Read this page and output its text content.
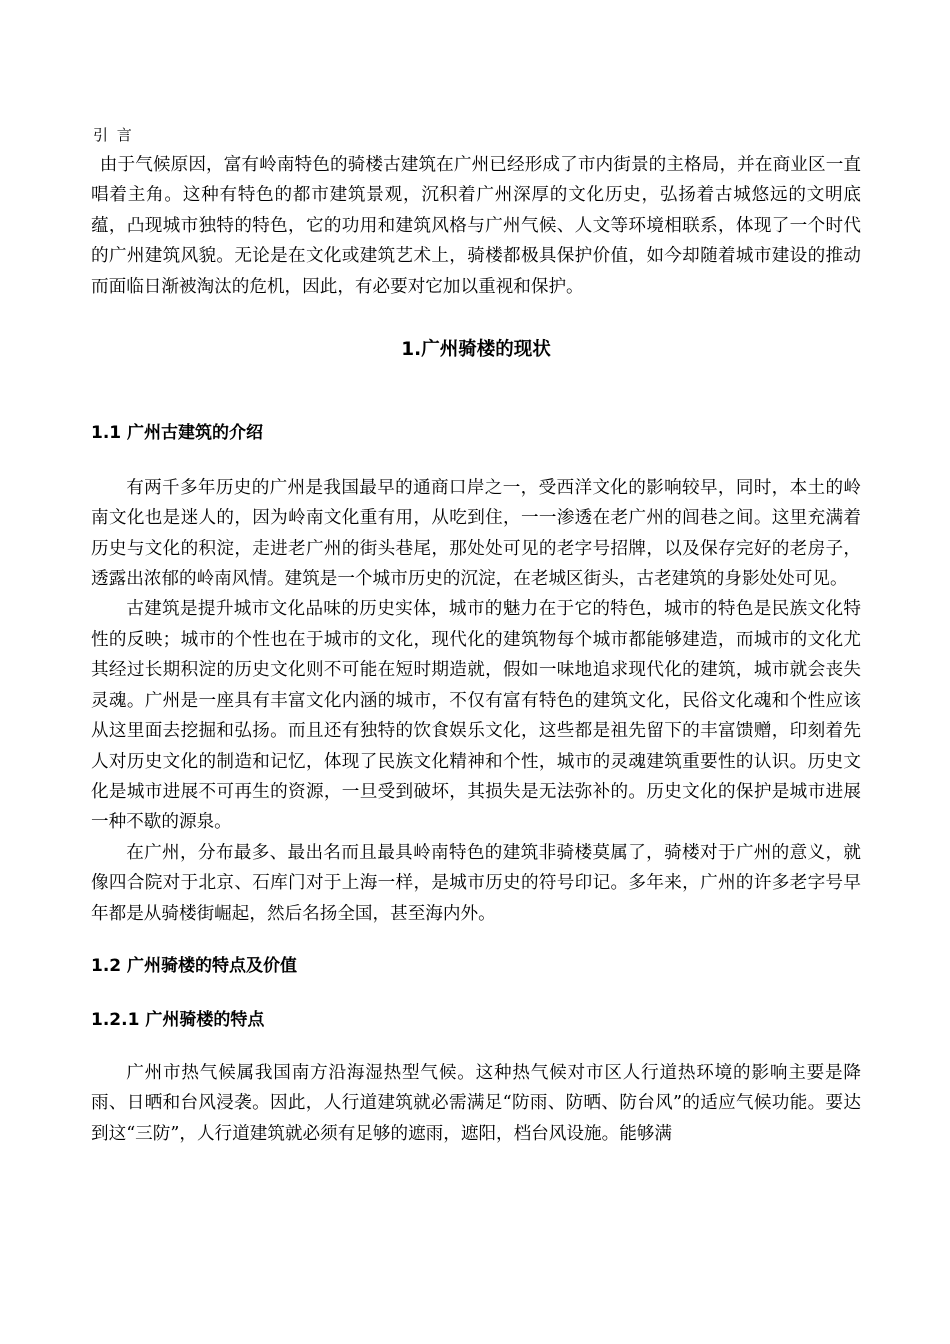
引 言

由于气候原因，富有岭南特色的骑楼古建筑在广州已经形成了市内街景的主格局，并在商业区一直唱着主角。这种有特色的都市建筑景观，沉积着广州深厚的文化历史，弘扬着古城悠远的文明底蕴，凸现城市独特的特色，它的功用和建筑风格与广州气候、人文等环境相联系，体现了一个时代的广州建筑风貌。无论是在文化或建筑艺术上，骑楼都极具保护价值，如今却随着城市建设的推动而面临日渐被淘汰的危机，因此，有必要对它加以重视和保护。

1.广州骑楼的现状
1.1 广州古建筑的介绍

有两千多年历史的广州是我国最早的通商口岸之一，受西洋文化的影响较早，同时，本土的岭南文化也是迷人的，因为岭南文化重有用，从吃到住，一一渗透在老广州的闾巷之间。这里充满着历史与文化的积淀，走进老广州的街头巷尾，那处处可见的老字号招牌，以及保存完好的老房子，透露出浓郁的岭南风情。建筑是一个城市历史的沉淀，在老城区街头，古老建筑的身影处处可见。

古建筑是提升城市文化品味的历史实体，城市的魅力在于它的特色，城市的特色是民族文化特性的反映；城市的个性也在于城市的文化，现代化的建筑物每个城市都能够建造，而城市的文化尤其经过长期积淀的历史文化则不可能在短时期造就，假如一味地追求现代化的建筑，城市就会丧失灵魂。广州是一座具有丰富文化内涵的城市，不仅有富有特色的建筑文化，民俗文化魂和个性应该从这里面去挖掘和弘扬。而且还有独特的饮食娱乐文化，这些都是祖先留下的丰富馈赠，印刻着先人对历史文化的制造和记忆，体现了民族文化精神和个性，城市的灵魂建筑重要性的认识。历史文化是城市进展不可再生的资源，一旦受到破坏，其损失是无法弥补的。历史文化的保护是城市进展一种不歇的源泉。

在广州，分布最多、最出名而且最具岭南特色的建筑非骑楼莫属了，骑楼对于广州的意义，就像四合院对于北京、石库门对于上海一样，是城市历史的符号印记。多年来，广州的许多老字号早年都是从骑楼街崛起，然后名扬全国，甚至海内外。

1.2 广州骑楼的特点及价值
1.2.1 广州骑楼的特点

广州市热气候属我国南方沿海湿热型气候。这种热气候对市区人行道热环境的影响主要是降雨、日晒和台风浸袭。因此，人行道建筑就必需满足“防雨、防晒、防台风”的适应气候功能。要达到这“三防”，人行道建筑就必须有足够的遮雨，遮阳，档台风设施。能够满
